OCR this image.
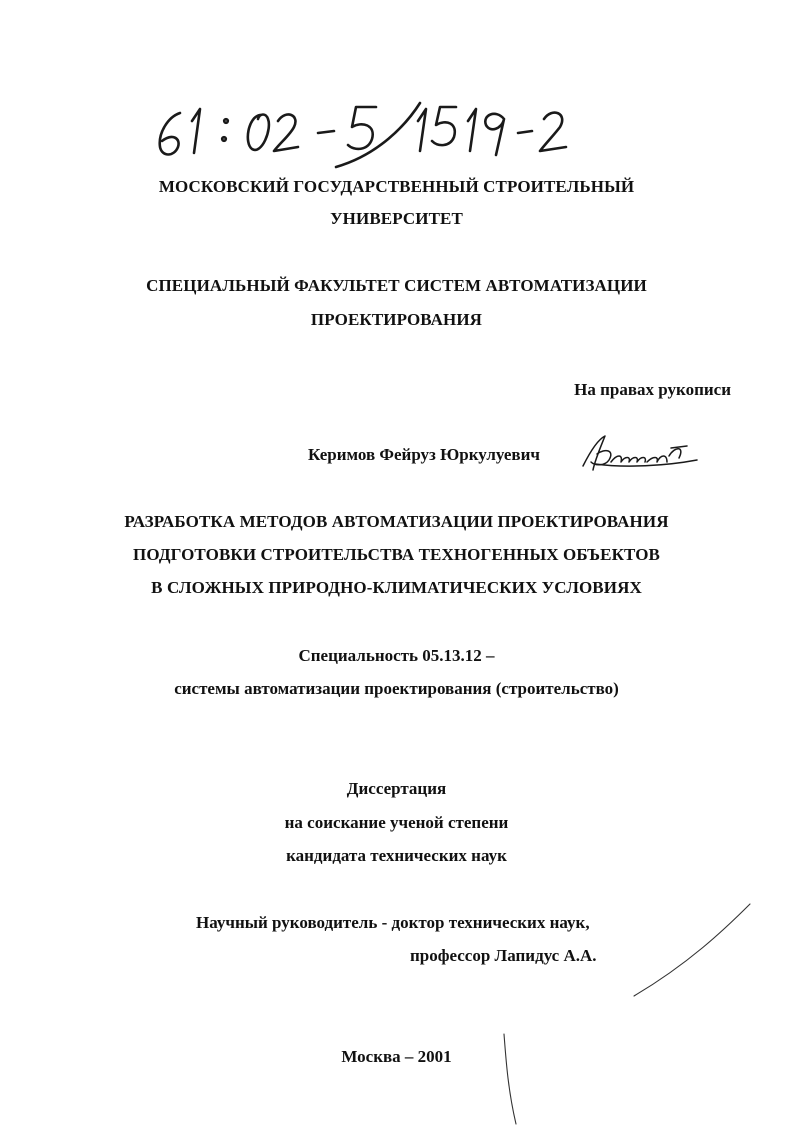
МОСКОВСКИЙ ГОСУДАРСТВЕННЫЙ СТРОИТЕЛЬНЫЙ
УНИВЕРСИТЕТ
СПЕЦИАЛЬНЫЙ ФАКУЛЬТЕТ СИСТЕМ АВТОМАТИЗАЦИИ
ПРОЕКТИРОВАНИЯ
На правах рукописи
Керимов Фейруз Юркулуевич
РАЗРАБОТКА МЕТОДОВ АВТОМАТИЗАЦИИ ПРОЕКТИРОВАНИЯ
ПОДГОТОВКИ СТРОИТЕЛЬСТВА ТЕХНОГЕННЫХ ОБЪЕКТОВ
В СЛОЖНЫХ ПРИРОДНО-КЛИМАТИЧЕСКИХ УСЛОВИЯХ
Специальность 05.13.12 –
системы автоматизации проектирования (строительство)
Диссертация
на соискание ученой степени
кандидата технических наук
Научный руководитель - доктор технических наук,
профессор Лапидус А.А.
Москва – 2001
